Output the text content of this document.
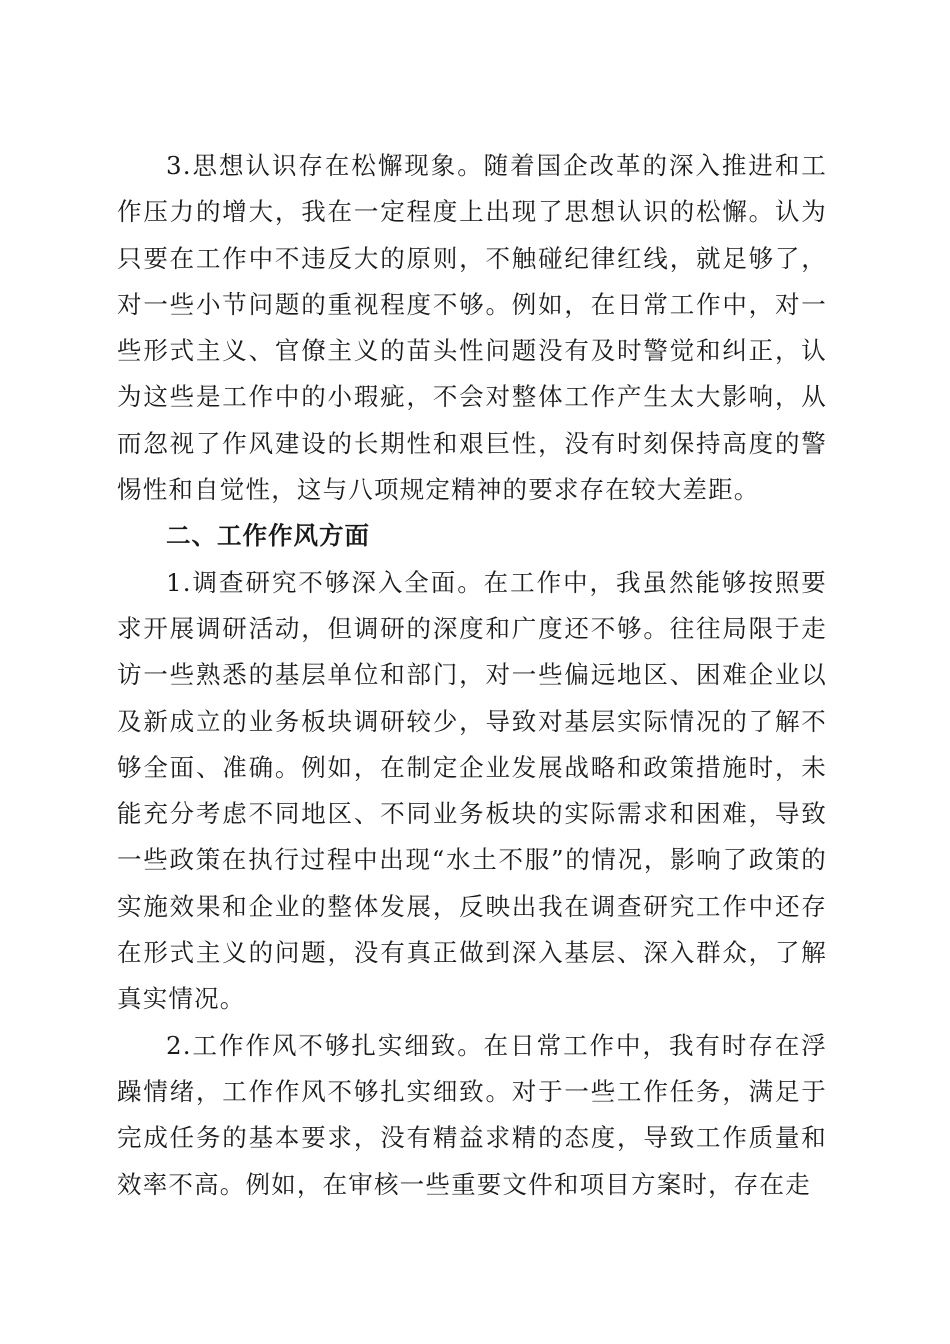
3.思想认识存在松懈现象。随着国企改革的深入推进和工作压力的增大，我在一定程度上出现了思想认识的松懈。认为只要在工作中不违反大的原则，不触碰纪律红线，就足够了，对一些小节问题的重视程度不够。例如，在日常工作中，对一些形式主义、官僚主义的苗头性问题没有及时警觉和纠正，认为这些是工作中的小瑕疵，不会对整体工作产生太大影响，从而忽视了作风建设的长期性和艰巨性，没有时刻保持高度的警惕性和自觉性，这与八项规定精神的要求存在较大差距。

二、工作作风方面

1.调查研究不够深入全面。在工作中，我虽然能够按照要求开展调研活动，但调研的深度和广度还不够。往往局限于走访一些熟悉的基层单位和部门，对一些偏远地区、困难企业以及新成立的业务板块调研较少，导致对基层实际情况的了解不够全面、准确。例如，在制定企业发展战略和政策措施时，未能充分考虑不同地区、不同业务板块的实际需求和困难，导致一些政策在执行过程中出现“水土不服”的情况，影响了政策的实施效果和企业的整体发展，反映出我在调查研究工作中还存在形式主义的问题，没有真正做到深入基层、深入群众，了解真实情况。

2.工作作风不够扎实细致。在日常工作中，我有时存在浮躁情绪，工作作风不够扎实细致。对于一些工作任务，满足于完成任务的基本要求，没有精益求精的态度，导致工作质量和效率不高。例如，在审核一些重要文件和项目方案时，存在走
